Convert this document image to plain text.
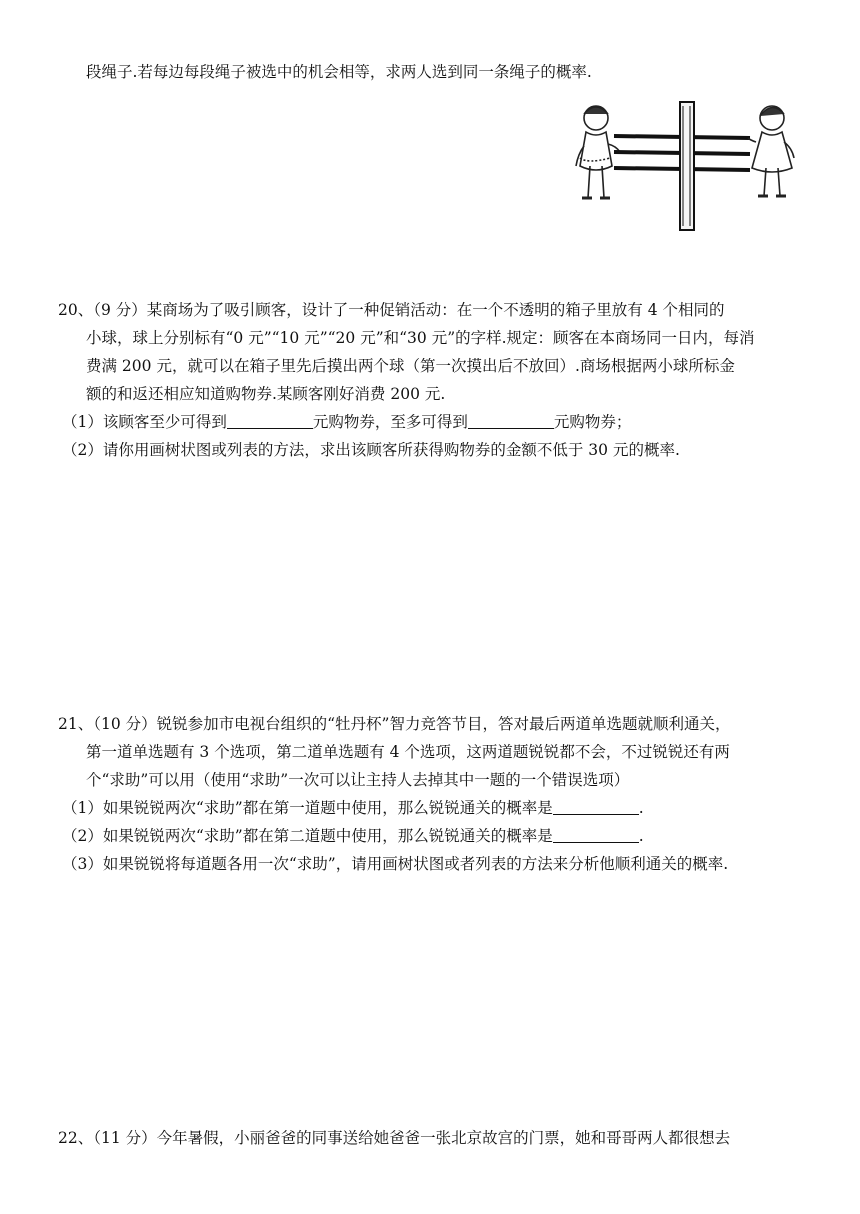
段绳子.若每边每段绳子被选中的机会相等，求两人选到同一条绳子的概率.
20、（9 分）某商场为了吸引顾客，设计了一种促销活动：在一个不透明的箱子里放有 4 个相同的
小球，球上分别标有“0 元”“10 元”“20 元”和“30 元”的字样.规定：顾客在本商场同一日内，每消
费满 200 元，就可以在箱子里先后摸出两个球（第一次摸出后不放回）.商场根据两小球所标金
额的和返还相应知道购物券.某顾客刚好消费 200 元.
（1）该顾客至少可得到	元购物券，至多可得到	元购物券；
（2）请你用画树状图或列表的方法，求出该顾客所获得购物券的金额不低于 30 元的概率.
21、（10 分）锐锐参加市电视台组织的“牡丹杯”智力竞答节目，答对最后两道单选题就顺利通关，
第一道单选题有 3 个选项，第二道单选题有 4 个选项，这两道题锐锐都不会，不过锐锐还有两
个“求助”可以用（使用“求助”一次可以让主持人去掉其中一题的一个错误选项）
（1）如果锐锐两次“求助”都在第一道题中使用，那么锐锐通关的概率是	.
（2）如果锐锐两次“求助”都在第二道题中使用，那么锐锐通关的概率是	.
（3）如果锐锐将每道题各用一次“求助”，请用画树状图或者列表的方法来分析他顺利通关的概率.
22、（11 分）今年暑假，小丽爸爸的同事送给她爸爸一张北京故宫的门票，她和哥哥两人都很想去
